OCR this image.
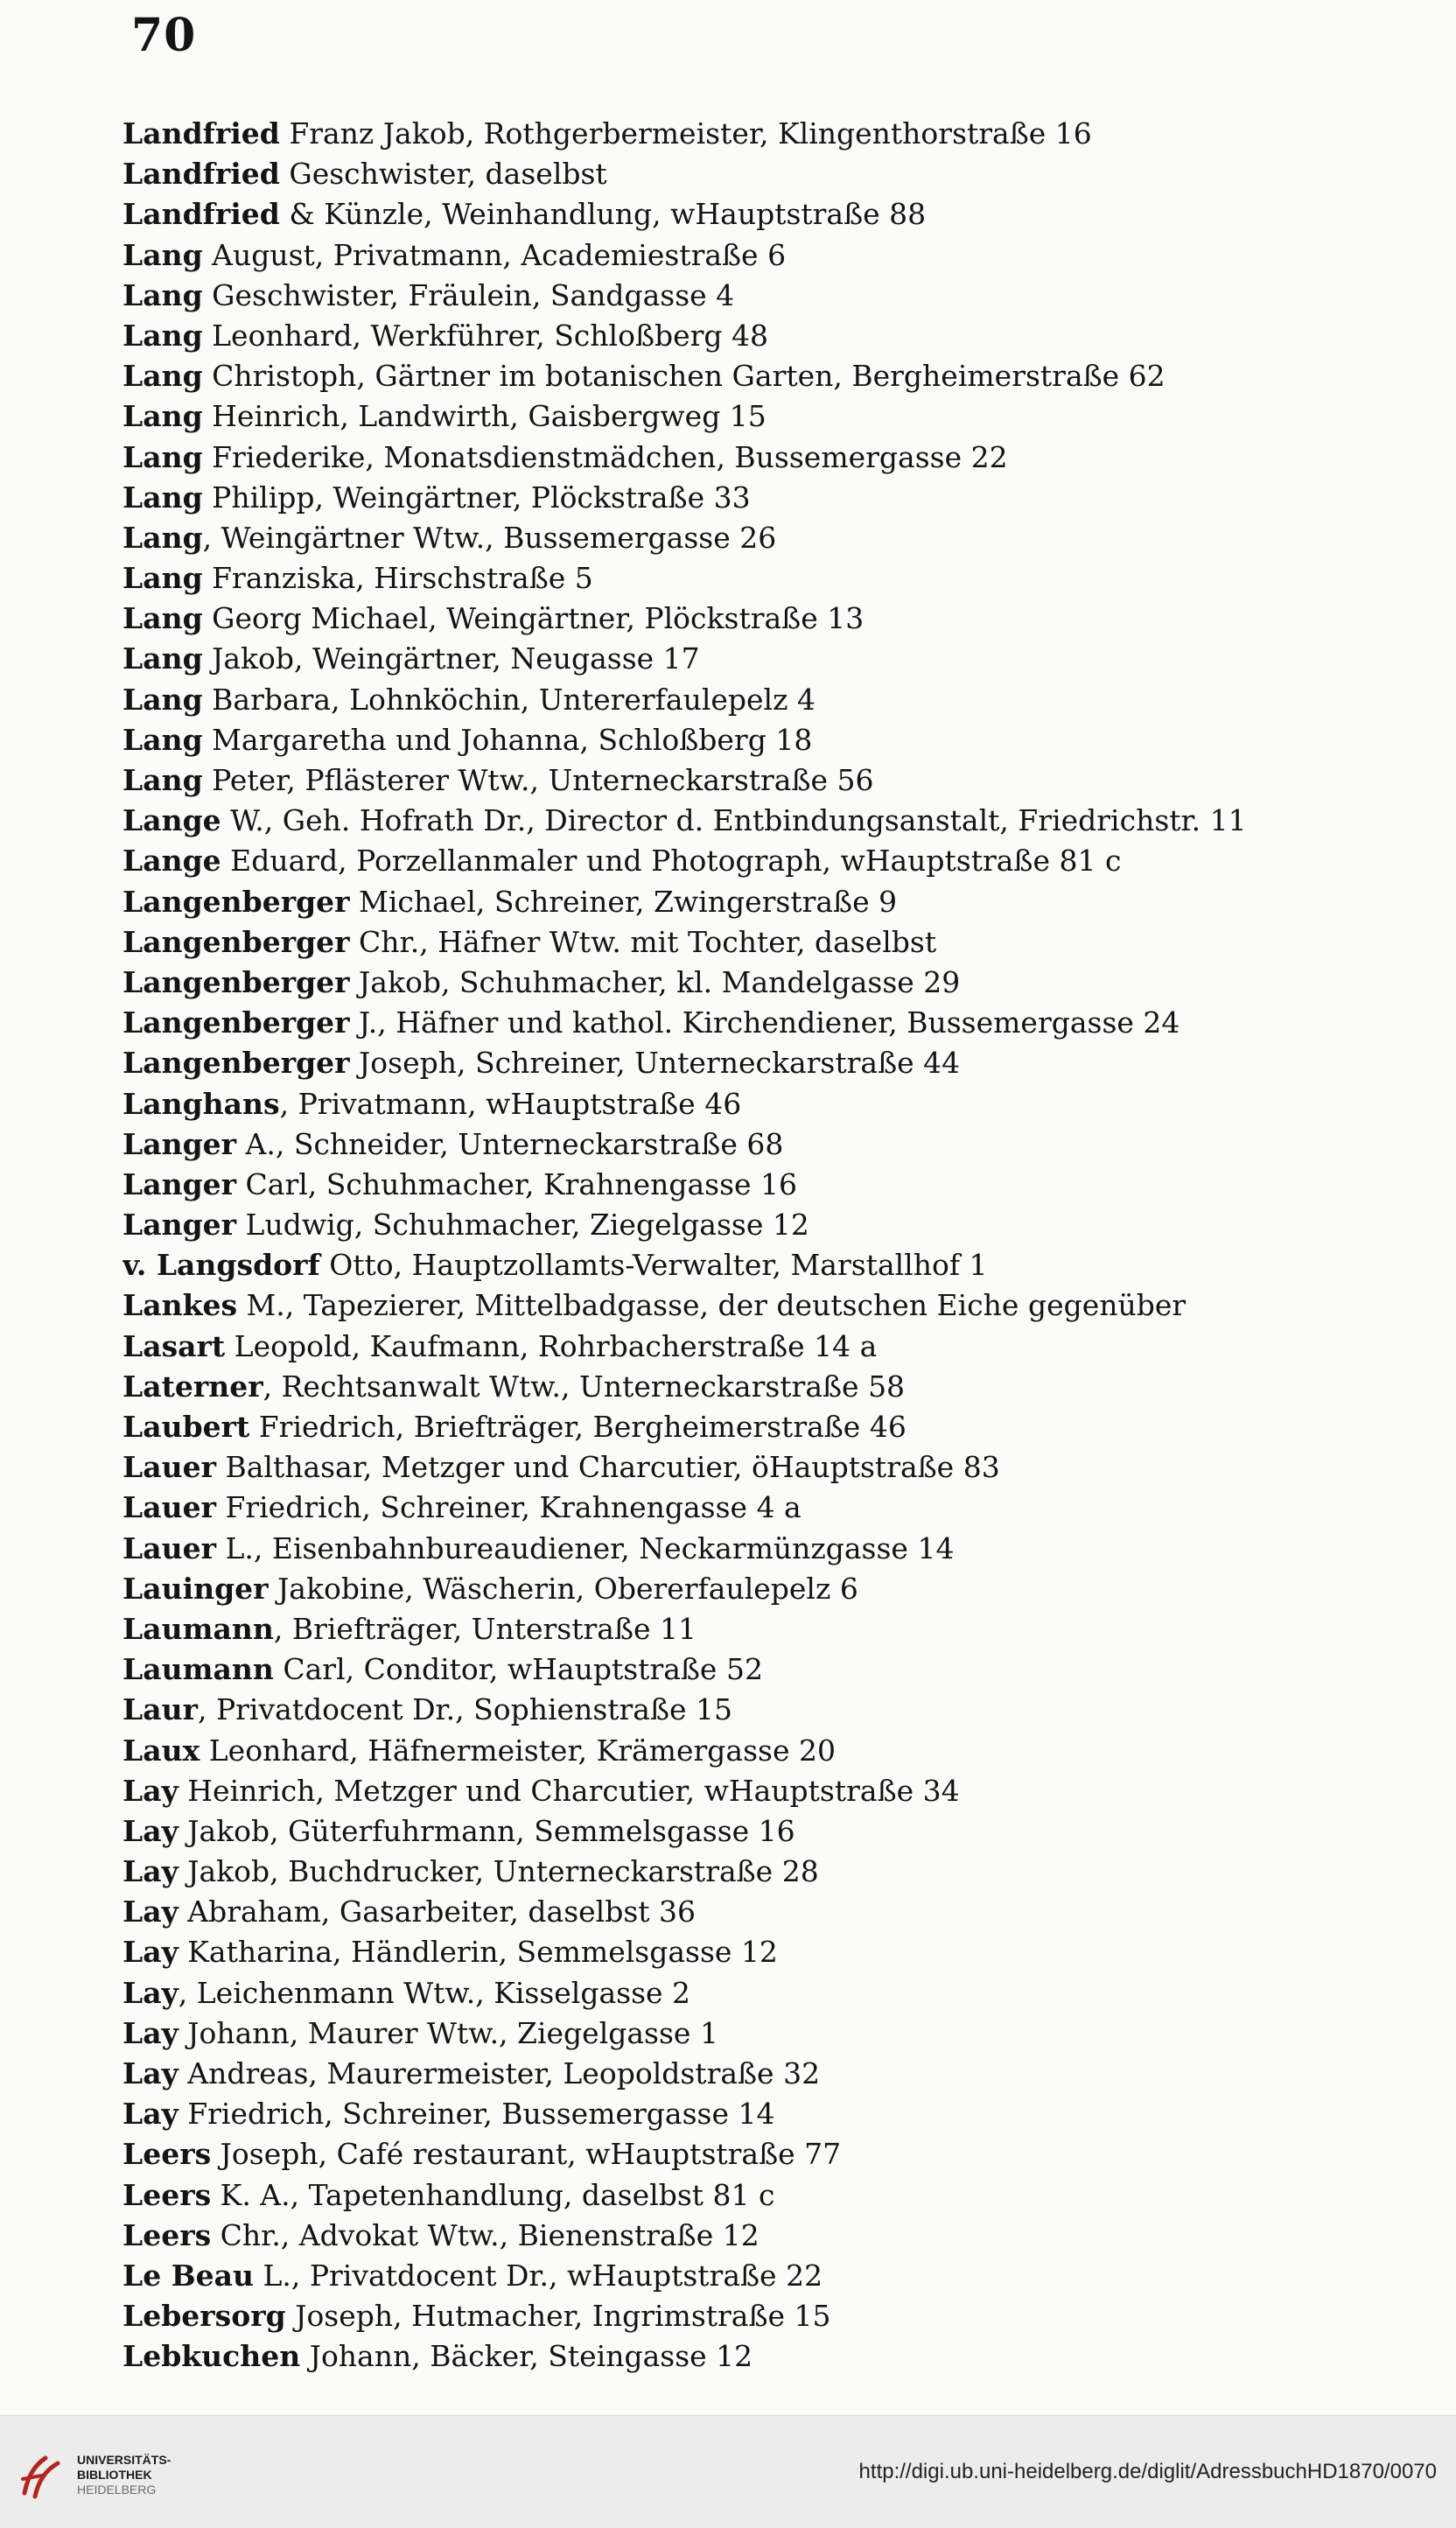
70
Landfried Franz Jakob, Rothgerbermeister, Klingenthorstraße 16
Landfried Geschwister, daselbst
Landfried & Künzle, Weinhandlung, wHauptstraße 88
Lang August, Privatmann, Academiestraße 6
Lang Geschwister, Fräulein, Sandgasse 4
Lang Leonhard, Werkführer, Schloßberg 48
Lang Christoph, Gärtner im botanischen Garten, Bergheimerstraße 62
Lang Heinrich, Landwirth, Gaisbergweg 15
Lang Friederike, Monatsdienstmädchen, Bussemergasse 22
Lang Philipp, Weingärtner, Plöckstraße 33
Lang, Weingärtner Wtw., Bussemergasse 26
Lang Franziska, Hirschstraße 5
Lang Georg Michael, Weingärtner, Plöckstraße 13
Lang Jakob, Weingärtner, Neugasse 17
Lang Barbara, Lohnköchin, Untererfaulepelz 4
Lang Margaretha und Johanna, Schloßberg 18
Lang Peter, Pflästerer Wtw., Unterneckarstraße 56
Lange W., Geh. Hofrath Dr., Director d. Entbindungsanstalt, Friedrichstr. 11
Lange Eduard, Porzellanmaler und Photograph, wHauptstraße 81 c
Langenberger Michael, Schreiner, Zwingerstraße 9
Langenberger Chr., Häfner Wtw. mit Tochter, daselbst
Langenberger Jakob, Schuhmacher, kl. Mandelgasse 29
Langenberger J., Häfner und kathol. Kirchendiener, Bussemergasse 24
Langenberger Joseph, Schreiner, Unterneckarstraße 44
Langhans, Privatmann, wHauptstraße 46
Langer A., Schneider, Unterneckarstraße 68
Langer Carl, Schuhmacher, Krahnengasse 16
Langer Ludwig, Schuhmacher, Ziegelgasse 12
v. Langsdorf Otto, Hauptzollamts-Verwalter, Marstallhof 1
Lankes M., Tapezierer, Mittelbadgasse, der deutschen Eiche gegenüber
Lasart Leopold, Kaufmann, Rohrbacherstraße 14 a
Laterner, Rechtsanwalt Wtw., Unterneckarstraße 58
Laubert Friedrich, Briefträger, Bergheimerstraße 46
Lauer Balthasar, Metzger und Charcutier, öHauptstraße 83
Lauer Friedrich, Schreiner, Krahnengasse 4 a
Lauer L., Eisenbahnbureaudiener, Neckarmünzgasse 14
Lauinger Jakobine, Wäscherin, Obererfaulepelz 6
Laumann, Briefträger, Unterstraße 11
Laumann Carl, Conditor, wHauptstraße 52
Laur, Privatdocent Dr., Sophienstraße 15
Laux Leonhard, Häfnermeister, Krämergasse 20
Lay Heinrich, Metzger und Charcutier, wHauptstraße 34
Lay Jakob, Güterfuhrmann, Semmelsgasse 16
Lay Jakob, Buchdrucker, Unterneckarstraße 28
Lay Abraham, Gasarbeiter, daselbst 36
Lay Katharina, Händlerin, Semmelsgasse 12
Lay, Leichenmann Wtw., Kisselgasse 2
Lay Johann, Maurer Wtw., Ziegelgasse 1
Lay Andreas, Maurermeister, Leopoldstraße 32
Lay Friedrich, Schreiner, Bussemergasse 14
Leers Joseph, Café restaurant, wHauptstraße 77
Leers K. A., Tapetenhandlung, daselbst 81 c
Leers Chr., Advokat Wtw., Bienenstraße 12
Le Beau L., Privatdocent Dr., wHauptstraße 22
Lebersorg Joseph, Hutmacher, Ingrimstraße 15
Lebkuchen Johann, Bäcker, Steingasse 12
UNIVERSITÄTS-
BIBLIOTHEK
HEIDELBERG
http://digi.ub.uni-heidelberg.de/diglit/AdressbuchHD1870/0070
